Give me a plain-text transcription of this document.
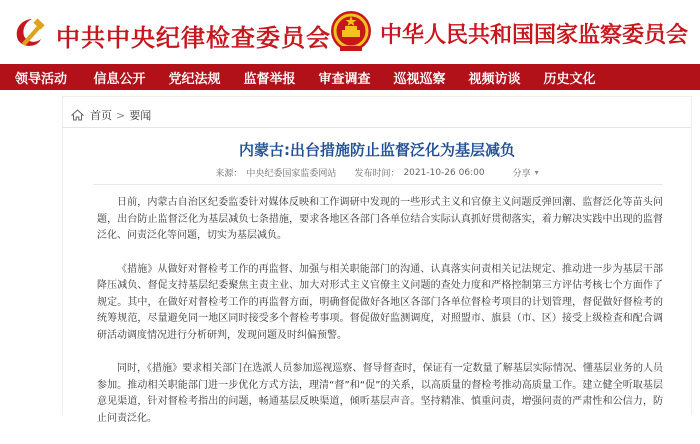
中共中央纪律检查委员会 中华人民共和国国家监察委员会
领导活动	信息公开	党纪法规	监督举报	审查调查	巡视巡察	视频访谈	历史文化
首页 > 要闻
内蒙古:出台措施防止监督泛化为基层减负
来源： 中央纪委国家监委网站 发布时间： 2021-10-26 06:00	分享 ▾

日前，内蒙古自治区纪委监委针对媒体反映和工作调研中发现的一些形式主义和官僚主义问题反弹回潮、监督泛化等苗头问题，出台防止监督泛化为基层减负七条措施，要求各地区各部门各单位结合实际认真抓好贯彻落实，着力解决实践中出现的监督泛化、问责泛化等问题，切实为基层减负。

《措施》从做好对督检考工作的再监督、加强与相关职能部门的沟通、认真落实问责相关记法规定、推动进一步为基层干部降压减负、督促支持基层纪委聚焦主责主业、加大对形式主义官僚主义问题的查处力度和严格控制第三方评估考核七个方面作了规定。其中，在做好对督检考工作的再监督方面，明确督促做好各地区各部门各单位督检考项目的计划管理，督促做好督检考的统筹规范，尽量避免同一地区同时接受多个督检考事项。督促做好监测调度，对照盟市、旗县（市、区）接受上级检查和配合调研活动调度情况进行分析研判，发现问题及时纠偏预警。

同时，《措施》要求相关部门在选派人员参加巡视巡察、督导督查时，保证有一定数量了解基层实际情况、懂基层业务的人员参加。推动相关职能部门进一步优化方式方法，理清“督”和“促”的关系，以高质量的督检考推动高质量工作。建立健全听取基层意见渠道，针对督检考指出的问题，畅通基层反映渠道，倾听基层声音。坚持精准、慎重问责，增强问责的严肃性和公信力，防止问责泛化。
